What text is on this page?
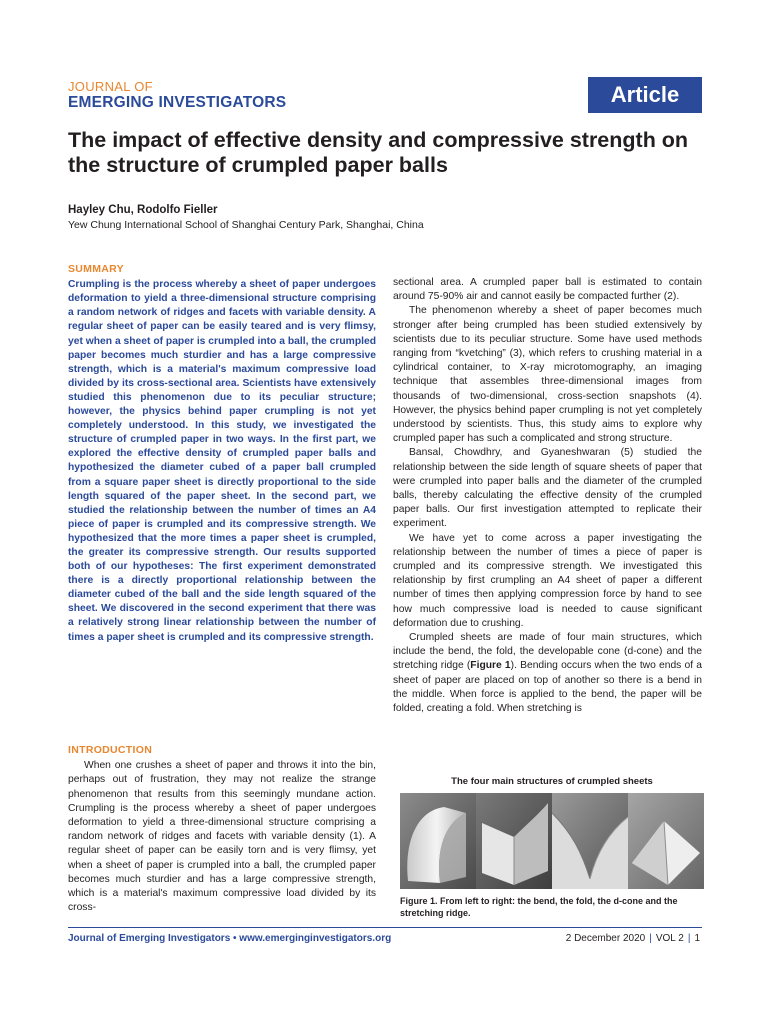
JOURNAL OF
EMERGING INVESTIGATORS	Article
The impact of effective density and compressive strength on the structure of crumpled paper balls
Hayley Chu, Rodolfo Fieller
Yew Chung International School of Shanghai Century Park, Shanghai, China
SUMMARY

Crumpling is the process whereby a sheet of paper undergoes deformation to yield a three-dimensional structure comprising a random network of ridges and facets with variable density. A regular sheet of paper can be easily teared and is very flimsy, yet when a sheet of paper is crumpled into a ball, the crumpled paper becomes much sturdier and has a large compressive strength, which is a material's maximum compressive load divided by its cross-sectional area. Scientists have extensively studied this phenomenon due to its peculiar structure; however, the physics behind paper crumpling is not yet completely understood. In this study, we investigated the structure of crumpled paper in two ways. In the first part, we explored the effective density of crumpled paper balls and hypothesized the diameter cubed of a paper ball crumpled from a square paper sheet is directly proportional to the side length squared of the paper sheet. In the second part, we studied the relationship between the number of times an A4 piece of paper is crumpled and its compressive strength. We hypothesized that the more times a paper sheet is crumpled, the greater its compressive strength. Our results supported both of our hypotheses: The first experiment demonstrated there is a directly proportional relationship between the diameter cubed of the ball and the side length squared of the sheet. We discovered in the second experiment that there was a relatively strong linear relationship between the number of times a paper sheet is crumpled and its compressive strength.

INTRODUCTION

When one crushes a sheet of paper and throws it into the bin, perhaps out of frustration, they may not realize the strange phenomenon that results from this seemingly mundane action. Crumpling is the process whereby a sheet of paper undergoes deformation to yield a three-dimensional structure comprising a random network of ridges and facets with variable density (1). A regular sheet of paper can be easily torn and is very flimsy, yet when a sheet of paper is crumpled into a ball, the crumpled paper becomes much sturdier and has a large compressive strength, which is a material's maximum compressive load divided by its cross-

sectional area. A crumpled paper ball is estimated to contain around 75-90% air and cannot easily be compacted further (2).

The phenomenon whereby a sheet of paper becomes much stronger after being crumpled has been studied extensively by scientists due to its peculiar structure. Some have used methods ranging from “kvetching” (3), which refers to crushing material in a cylindrical container, to X-ray microtomography, an imaging technique that assembles three-dimensional images from thousands of two-dimensional, cross-section snapshots (4). However, the physics behind paper crumpling is not yet completely understood by scientists. Thus, this study aims to explore why crumpled paper has such a complicated and strong structure.

Bansal, Chowdhry, and Gyaneshwaran (5) studied the relationship between the side length of square sheets of paper that were crumpled into paper balls and the diameter of the crumpled balls, thereby calculating the effective density of the crumpled paper balls. Our first investigation attempted to replicate their experiment.

We have yet to come across a paper investigating the relationship between the number of times a piece of paper is crumpled and its compressive strength. We investigated this relationship by first crumpling an A4 sheet of paper a different number of times then applying compression force by hand to see how much compressive load is needed to cause significant deformation due to crushing.

Crumpled sheets are made of four main structures, which include the bend, the fold, the developable cone (d-cone) and the stretching ridge (Figure 1). Bending occurs when the two ends of a sheet of paper are placed on top of another so there is a bend in the middle. When force is applied to the bend, the paper will be folded, creating a fold. When stretching is

The four main structures of crumpled sheets
Figure 1. From left to right: the bend, the fold, the d-cone and the stretching ridge.
Journal of Emerging Investigators • www.emerginginvestigators.org	2 December 2020 | VOL 2 | 1
